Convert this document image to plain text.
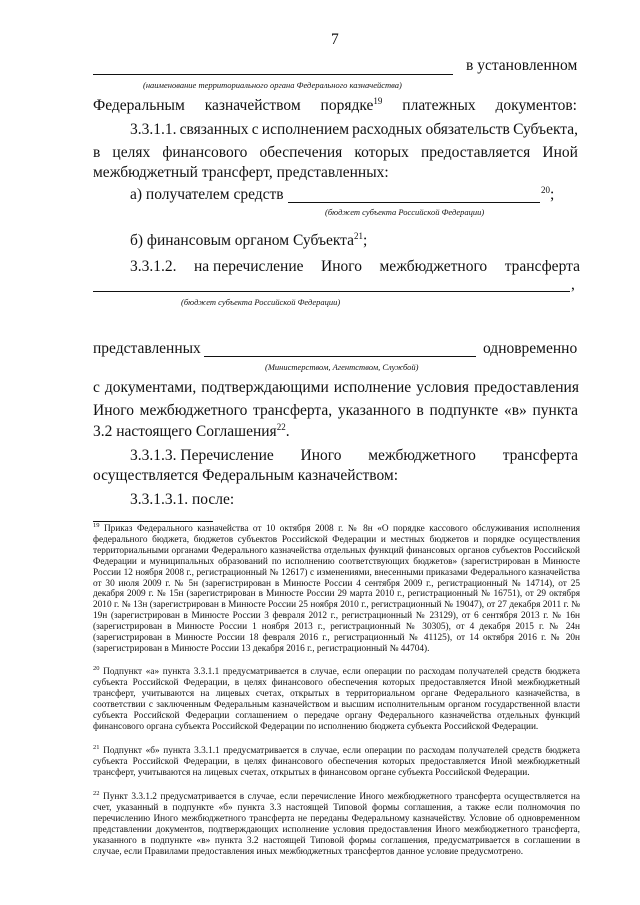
7
в установленном
(наименование территориального органа Федерального казначейства)
Федеральным казначейством порядке$^{19}$ платежных документов:
3.3.1.1. связанных с исполнением расходных обязательств Субъекта,
в целях финансового обеспечения которых предоставляется Иной
межбюджетный трансферт, представленных:
а) получателем средств	$^{20}$;
(бюджет субъекта Российской Федерации)
б) финансовым органом Субъекта$^{21}$;
3.3.1.2. на перечисление Иного межбюджетного трансферта
,
(бюджет субъекта Российской Федерации)
представленных	одновременно
(Министерством, Агентством, Службой)
с документами, подтверждающими исполнение условия предоставления
Иного межбюджетного трансферта, указанного в подпункте «в» пункта
3.2 настоящего Соглашения$^{22}$.
3.3.1.3. Перечисление Иного межбюджетного трансферта
осуществляется Федеральным казначейством:
3.3.1.3.1. после:
$^{19}$ Приказ Федерального казначейства от 10 октября 2008 г. № 8н «О порядке кассового обслуживания исполнения федерального бюджета, бюджетов субъектов Российской Федерации и местных бюджетов и порядке осуществления территориальными органами Федерального казначейства отдельных функций финансовых органов субъектов Российской Федерации и муниципальных образований по исполнению соответствующих бюджетов» (зарегистрирован в Минюсте России 12 ноября 2008 г., регистрационный № 12617) с изменениями, внесенными приказами Федерального казначейства от 30 июля 2009 г. № 5н (зарегистрирован в Минюсте России 4 сентября 2009 г., регистрационный № 14714), от 25 декабря 2009 г. № 15н (зарегистрирован в Минюсте России 29 марта 2010 г., регистрационный № 16751), от 29 октября 2010 г. № 13н (зарегистрирован в Минюсте России 25 ноября 2010 г., регистрационный № 19047), от 27 декабря 2011 г. № 19н (зарегистрирован в Минюсте России 3 февраля 2012 г., регистрационный № 23129), от 6 сентября 2013 г. № 16н (зарегистрирован в Минюсте России 1 ноября 2013 г., регистрационный № 30305), от 4 декабря 2015 г. № 24н (зарегистрирован в Минюсте России 18 февраля 2016 г., регистрационный № 41125), от 14 октября 2016 г. № 20н (зарегистрирован в Минюсте России 13 декабря 2016 г., регистрационный № 44704).
$^{20}$ Подпункт «а» пункта 3.3.1.1 предусматривается в случае, если операции по расходам получателей средств бюджета субъекта Российской Федерации, в целях финансового обеспечения которых предоставляется Иной межбюджетный трансферт, учитываются на лицевых счетах, открытых в территориальном органе Федерального казначейства, в соответствии с заключенным Федеральным казначейством и высшим исполнительным органом государственной власти субъекта Российской Федерации соглашением о передаче органу Федерального казначейства отдельных функций финансового органа субъекта Российской Федерации по исполнению бюджета субъекта Российской Федерации.
$^{21}$ Подпункт «б» пункта 3.3.1.1 предусматривается в случае, если операции по расходам получателей средств бюджета субъекта Российской Федерации, в целях финансового обеспечения которых предоставляется Иной межбюджетный трансферт, учитываются на лицевых счетах, открытых в финансовом органе субъекта Российской Федерации.
$^{22}$ Пункт 3.3.1.2 предусматривается в случае, если перечисление Иного межбюджетного трансферта осуществляется на счет, указанный в подпункте «б» пункта 3.3 настоящей Типовой формы соглашения, а также если полномочия по перечислению Иного межбюджетного трансферта не переданы Федеральному казначейству. Условие об одновременном представлении документов, подтверждающих исполнение условия предоставления Иного межбюджетного трансферта, указанного в подпункте «в» пункта 3.2 настоящей Типовой формы соглашения, предусматривается в соглашении в случае, если Правилами предоставления иных межбюджетных трансфертов данное условие предусмотрено.
